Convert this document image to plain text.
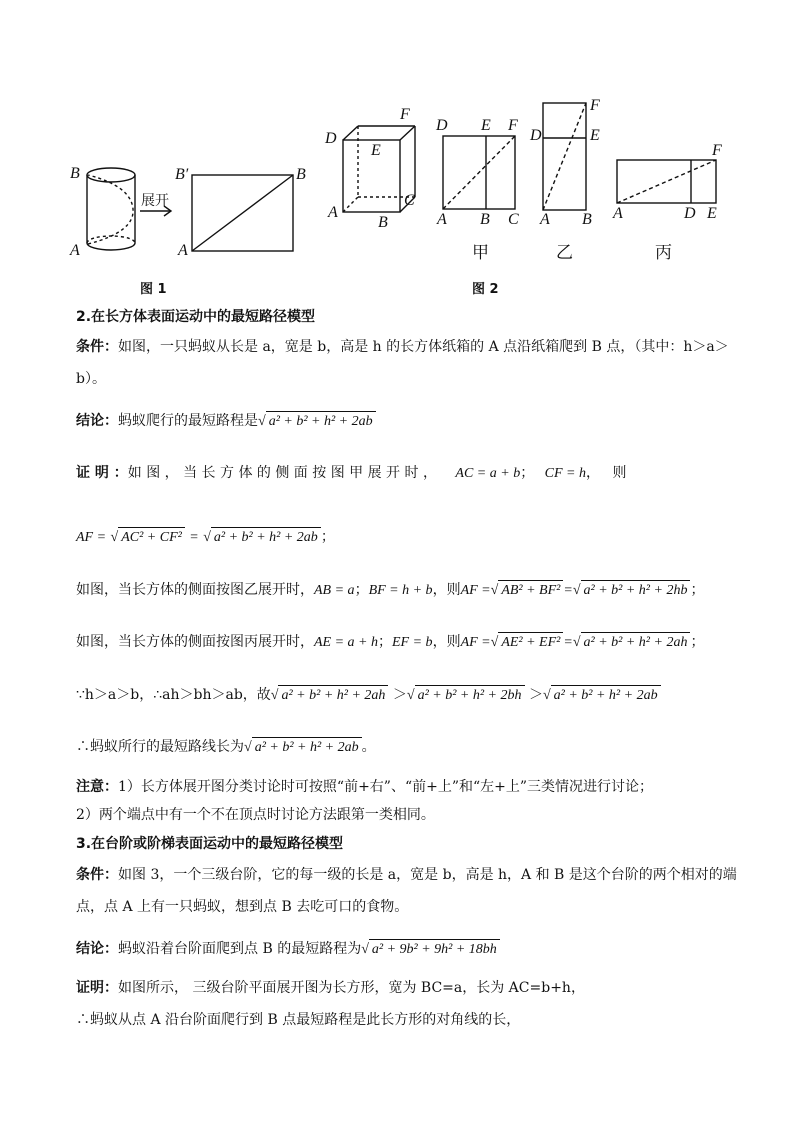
B
A
展开
B′	B
A
D
F
E
A
B
C
D E F
A B C
甲
F
D	E
A B
乙
F
A	D E
丙
图 1	图 2
2.在长方体表面运动中的最短路径模型
条件：如图，一只蚂蚁从长是 a，宽是 b，高是 h 的长方体纸箱的 A 点沿纸箱爬到 B 点，（其中：h＞a＞
b）。
结论：蚂蚁爬行的最短路程是√ a² + b² + h² + 2ab
证 明 ：如 图 ， 当 长 方 体 的 侧 面 按 图 甲 展 开 时 ， AC = a + b； CF = h， 则
AF = √ AC² + CF² = √ a² + b² + h² + 2ab ；
如图，当长方体的侧面按图乙展开时，AB = a；BF = h + b，则AF =√ AB² + BF² =√ a² + b² + h² + 2hb ；
如图，当长方体的侧面按图丙展开时，AE = a + h；EF = b，则AF =√ AE² + EF² =√ a² + b² + h² + 2ah ；
∵h＞a＞b，∴ah＞bh＞ab，故√ a² + b² + h² + 2ah ＞√ a² + b² + h² + 2bh ＞√ a² + b² + h² + 2ab
∴蚂蚁所行的最短路线长为√ a² + b² + h² + 2ab 。
注意：1）长方体展开图分类讨论时可按照“前+右”、“前+上”和“左+上”三类情况进行讨论；
2）两个端点中有一个不在顶点时讨论方法跟第一类相同。
3.在台阶或阶梯表面运动中的最短路径模型
条件：如图 3，一个三级台阶，它的每一级的长是 a，宽是 b，高是 h，A 和 B 是这个台阶的两个相对的端
点，点 A 上有一只蚂蚁，想到点 B 去吃可口的食物。
结论：蚂蚁沿着台阶面爬到点 B 的最短路程为√ a² + 9b² + 9h² + 18bh
证明：如图所示， 三级台阶平面展开图为长方形，宽为 BC=a，长为 AC=b+h，
∴蚂蚁从点 A 沿台阶面爬行到 B 点最短路程是此长方形的对角线的长，
